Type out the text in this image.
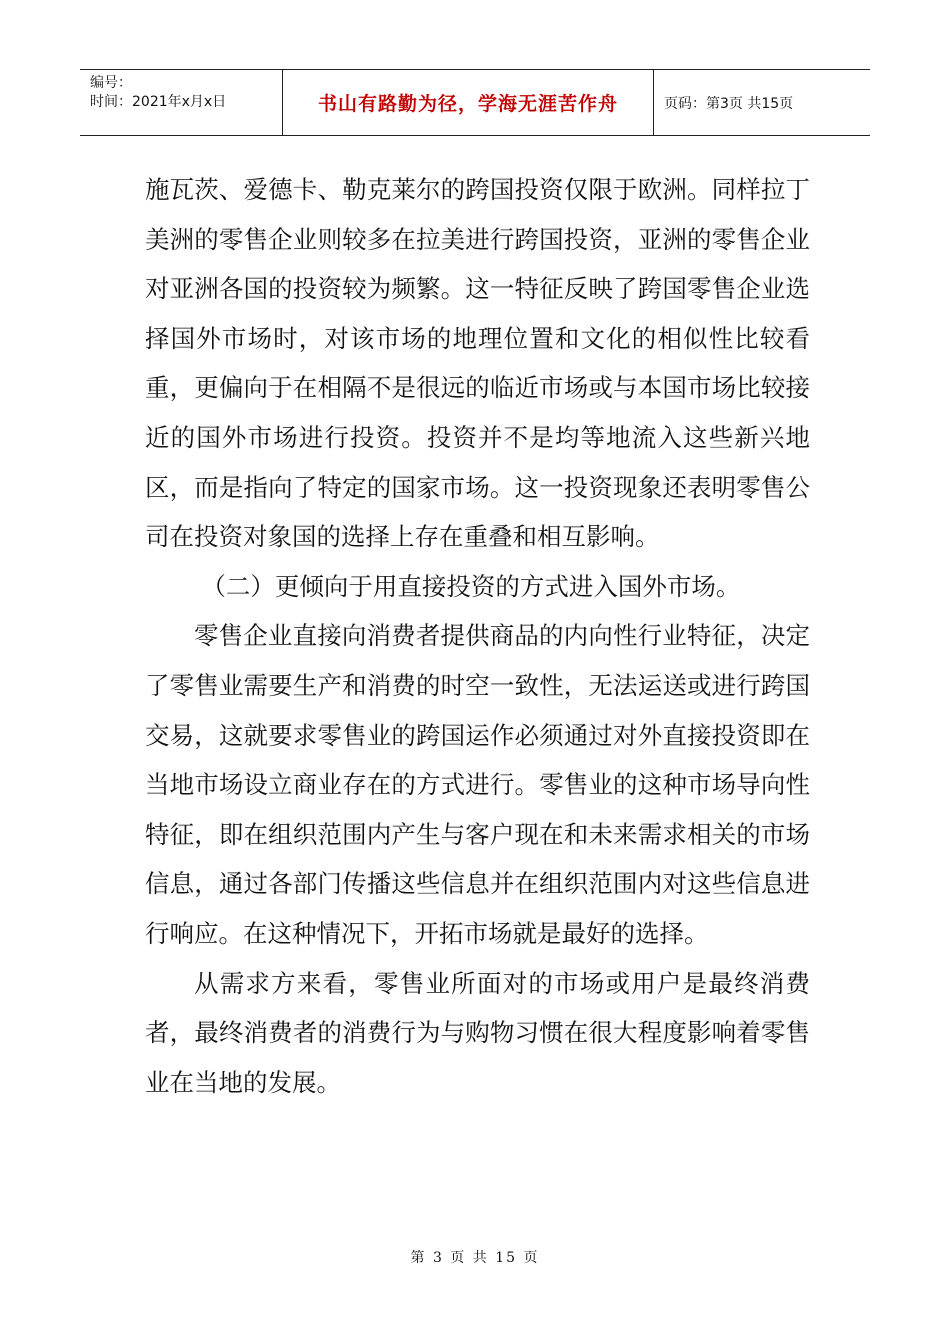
编号：
时间：2021年x月x日	书山有路勤为径，学海无涯苦作舟	页码：第3页 共15页

施瓦茨、爱德卡、勒克莱尔的跨国投资仅限于欧洲。同样拉丁美洲的零售企业则较多在拉美进行跨国投资，亚洲的零售企业对亚洲各国的投资较为频繁。这一特征反映了跨国零售企业选择国外市场时，对该市场的地理位置和文化的相似性比较看重，更偏向于在相隔不是很远的临近市场或与本国市场比较接近的国外市场进行投资。投资并不是均等地流入这些新兴地区，而是指向了特定的国家市场。这一投资现象还表明零售公司在投资对象国的选择上存在重叠和相互影响。

（二）更倾向于用直接投资的方式进入国外市场。

零售企业直接向消费者提供商品的内向性行业特征，决定了零售业需要生产和消费的时空一致性，无法运送或进行跨国交易，这就要求零售业的跨国运作必须通过对外直接投资即在当地市场设立商业存在的方式进行。零售业的这种市场导向性特征，即在组织范围内产生与客户现在和未来需求相关的市场信息，通过各部门传播这些信息并在组织范围内对这些信息进行响应。在这种情况下，开拓市场就是最好的选择。

从需求方来看，零售业所面对的市场或用户是最终消费者，最终消费者的消费行为与购物习惯在很大程度影响着零售业在当地的发展。

第 3 页 共 15 页
